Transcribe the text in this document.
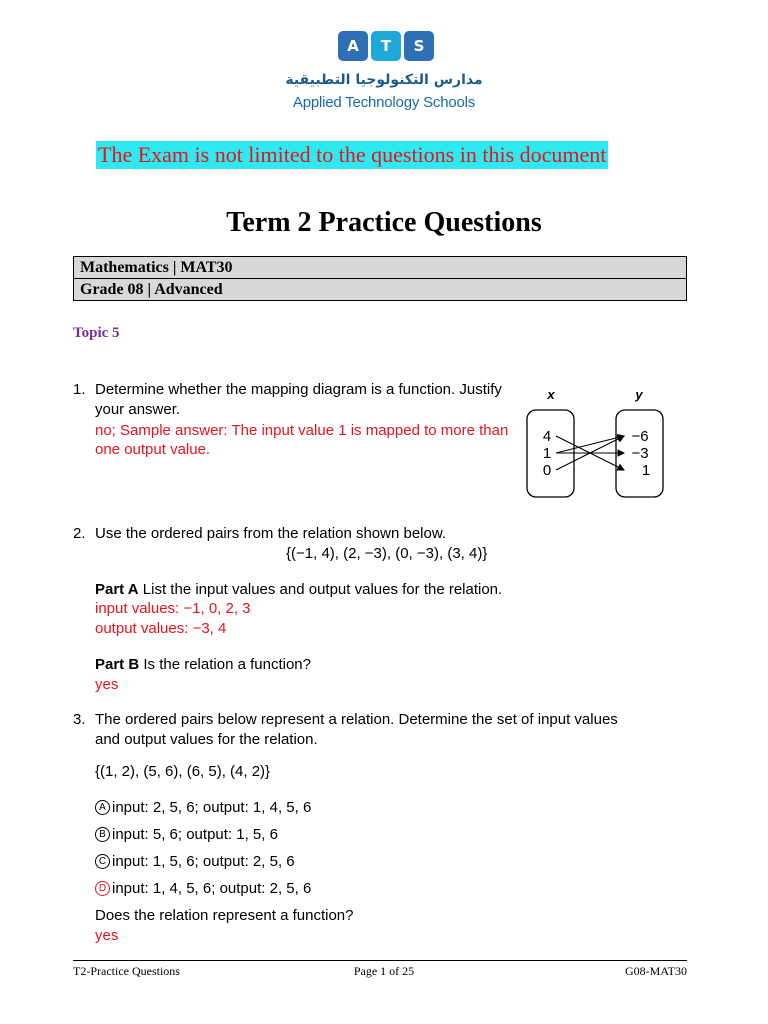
A	T	S
مدارس التكنولوجيا التطبيقية
Applied Technology Schools
The Exam is not limited to the questions in this document
Term 2 Practice Questions
Mathematics | MAT30
Grade 08 | Advanced
Topic 5
1. Determine whether the mapping diagram is a function. Justify
your answer.
no; Sample answer: The input value 1 is mapped to more than
one output value.
x	y
4
1
0
−6
−3
1
2. Use the ordered pairs from the relation shown below.
{(−1, 4), (2, −3), (0, −3), (3, 4)}
Part A List the input values and output values for the relation.
input values: −1, 0, 2, 3
output values: −3, 4
Part B Is the relation a function?
yes
3. The ordered pairs below represent a relation. Determine the set of input values
and output values for the relation.
{(1, 2), (5, 6), (6, 5), (4, 2)}
A input: 2, 5, 6; output: 1, 4, 5, 6
B input: 5, 6; output: 1, 5, 6
C input: 1, 5, 6; output: 2, 5, 6
D input: 1, 4, 5, 6; output: 2, 5, 6
Does the relation represent a function?
yes
T2-Practice Questions	Page 1 of 25	G08-MAT30
